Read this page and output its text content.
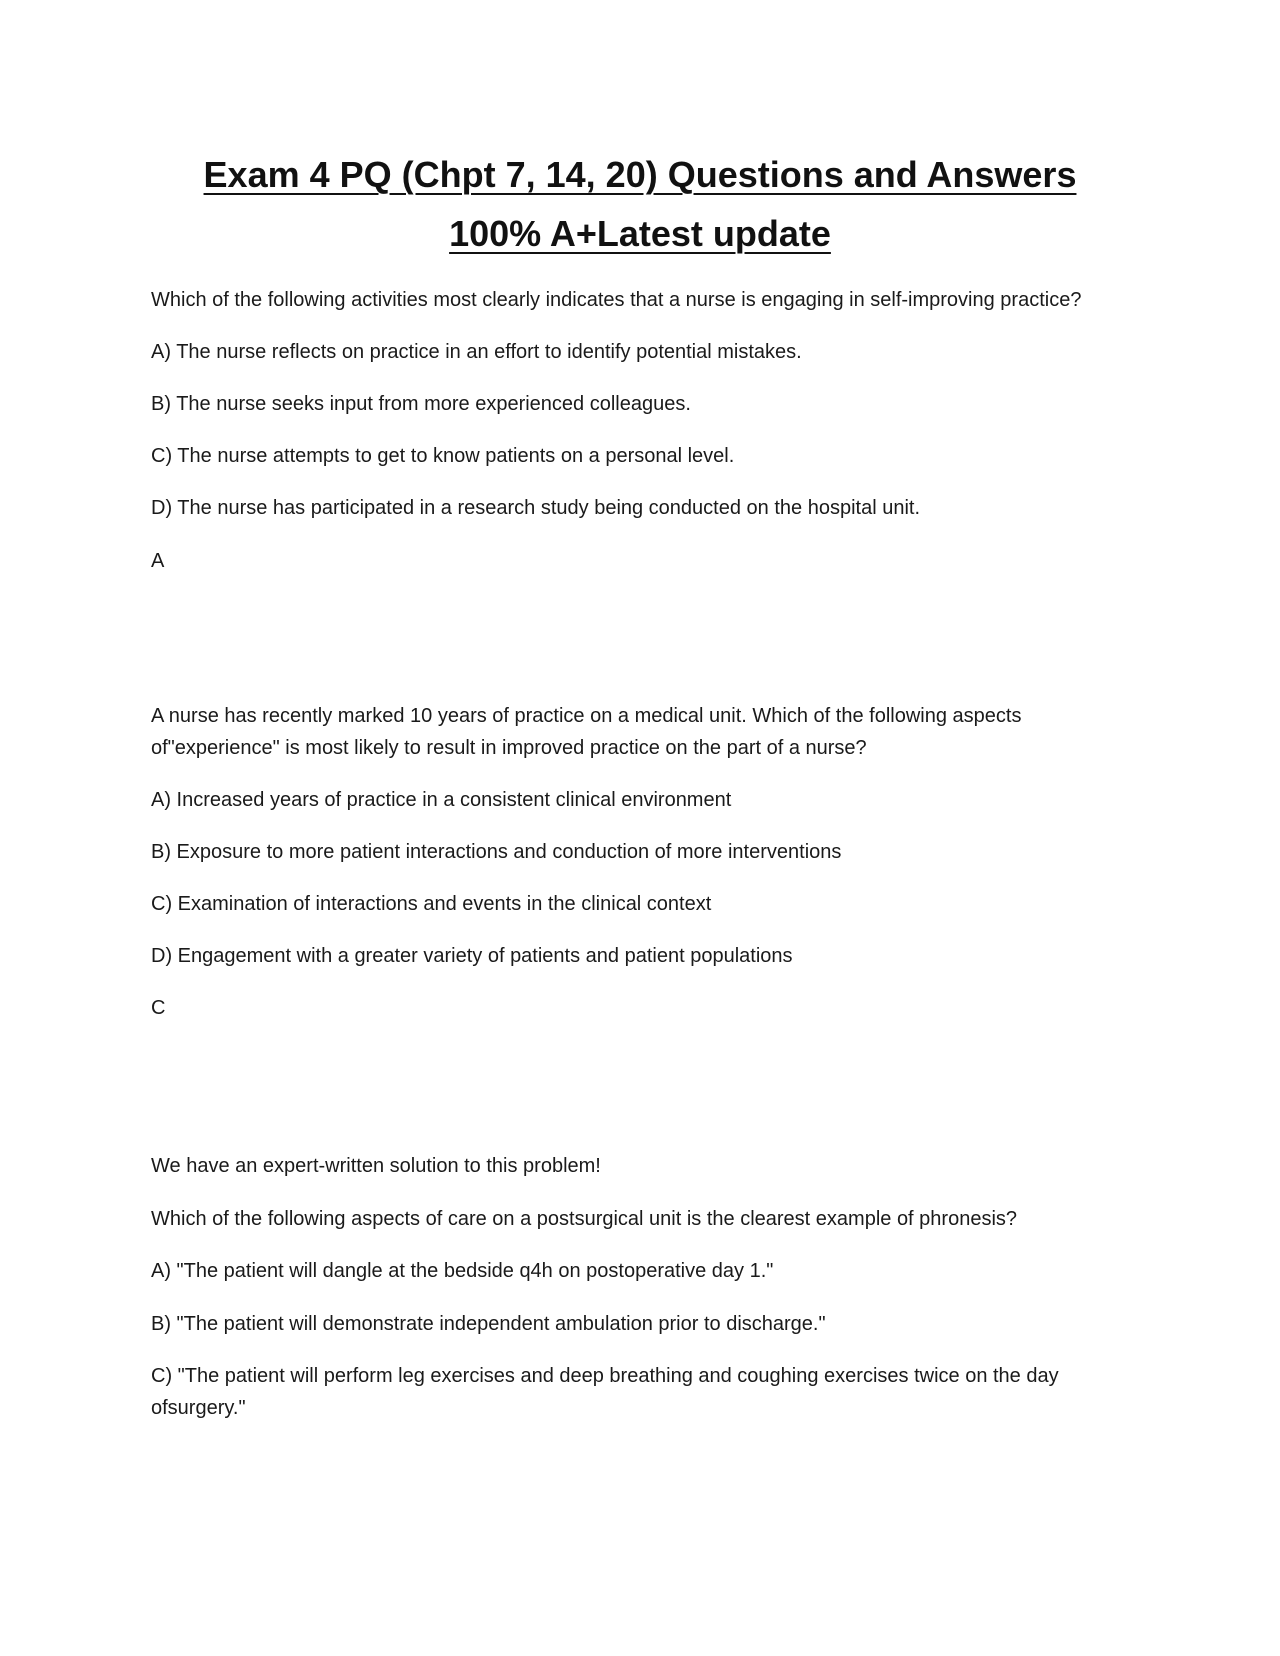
Exam 4 PQ (Chpt 7, 14, 20) Questions and Answers
100% A+Latest update

Which of the following activities most clearly indicates that a nurse is engaging in self-improving practice?

A) The nurse reflects on practice in an effort to identify potential mistakes.

B) The nurse seeks input from more experienced colleagues.

C) The nurse attempts to get to know patients on a personal level.

D) The nurse has participated in a research study being conducted on the hospital unit.

A

A nurse has recently marked 10 years of practice on a medical unit. Which of the following aspects

of"experience" is most likely to result in improved practice on the part of a nurse?

A) Increased years of practice in a consistent clinical environment

B) Exposure to more patient interactions and conduction of more interventions

C) Examination of interactions and events in the clinical context

D) Engagement with a greater variety of patients and patient populations

C

We have an expert-written solution to this problem!

Which of the following aspects of care on a postsurgical unit is the clearest example of phronesis?

A) "The patient will dangle at the bedside q4h on postoperative day 1."

B) "The patient will demonstrate independent ambulation prior to discharge."

C) "The patient will perform leg exercises and deep breathing and coughing exercises twice on the day

ofsurgery."
